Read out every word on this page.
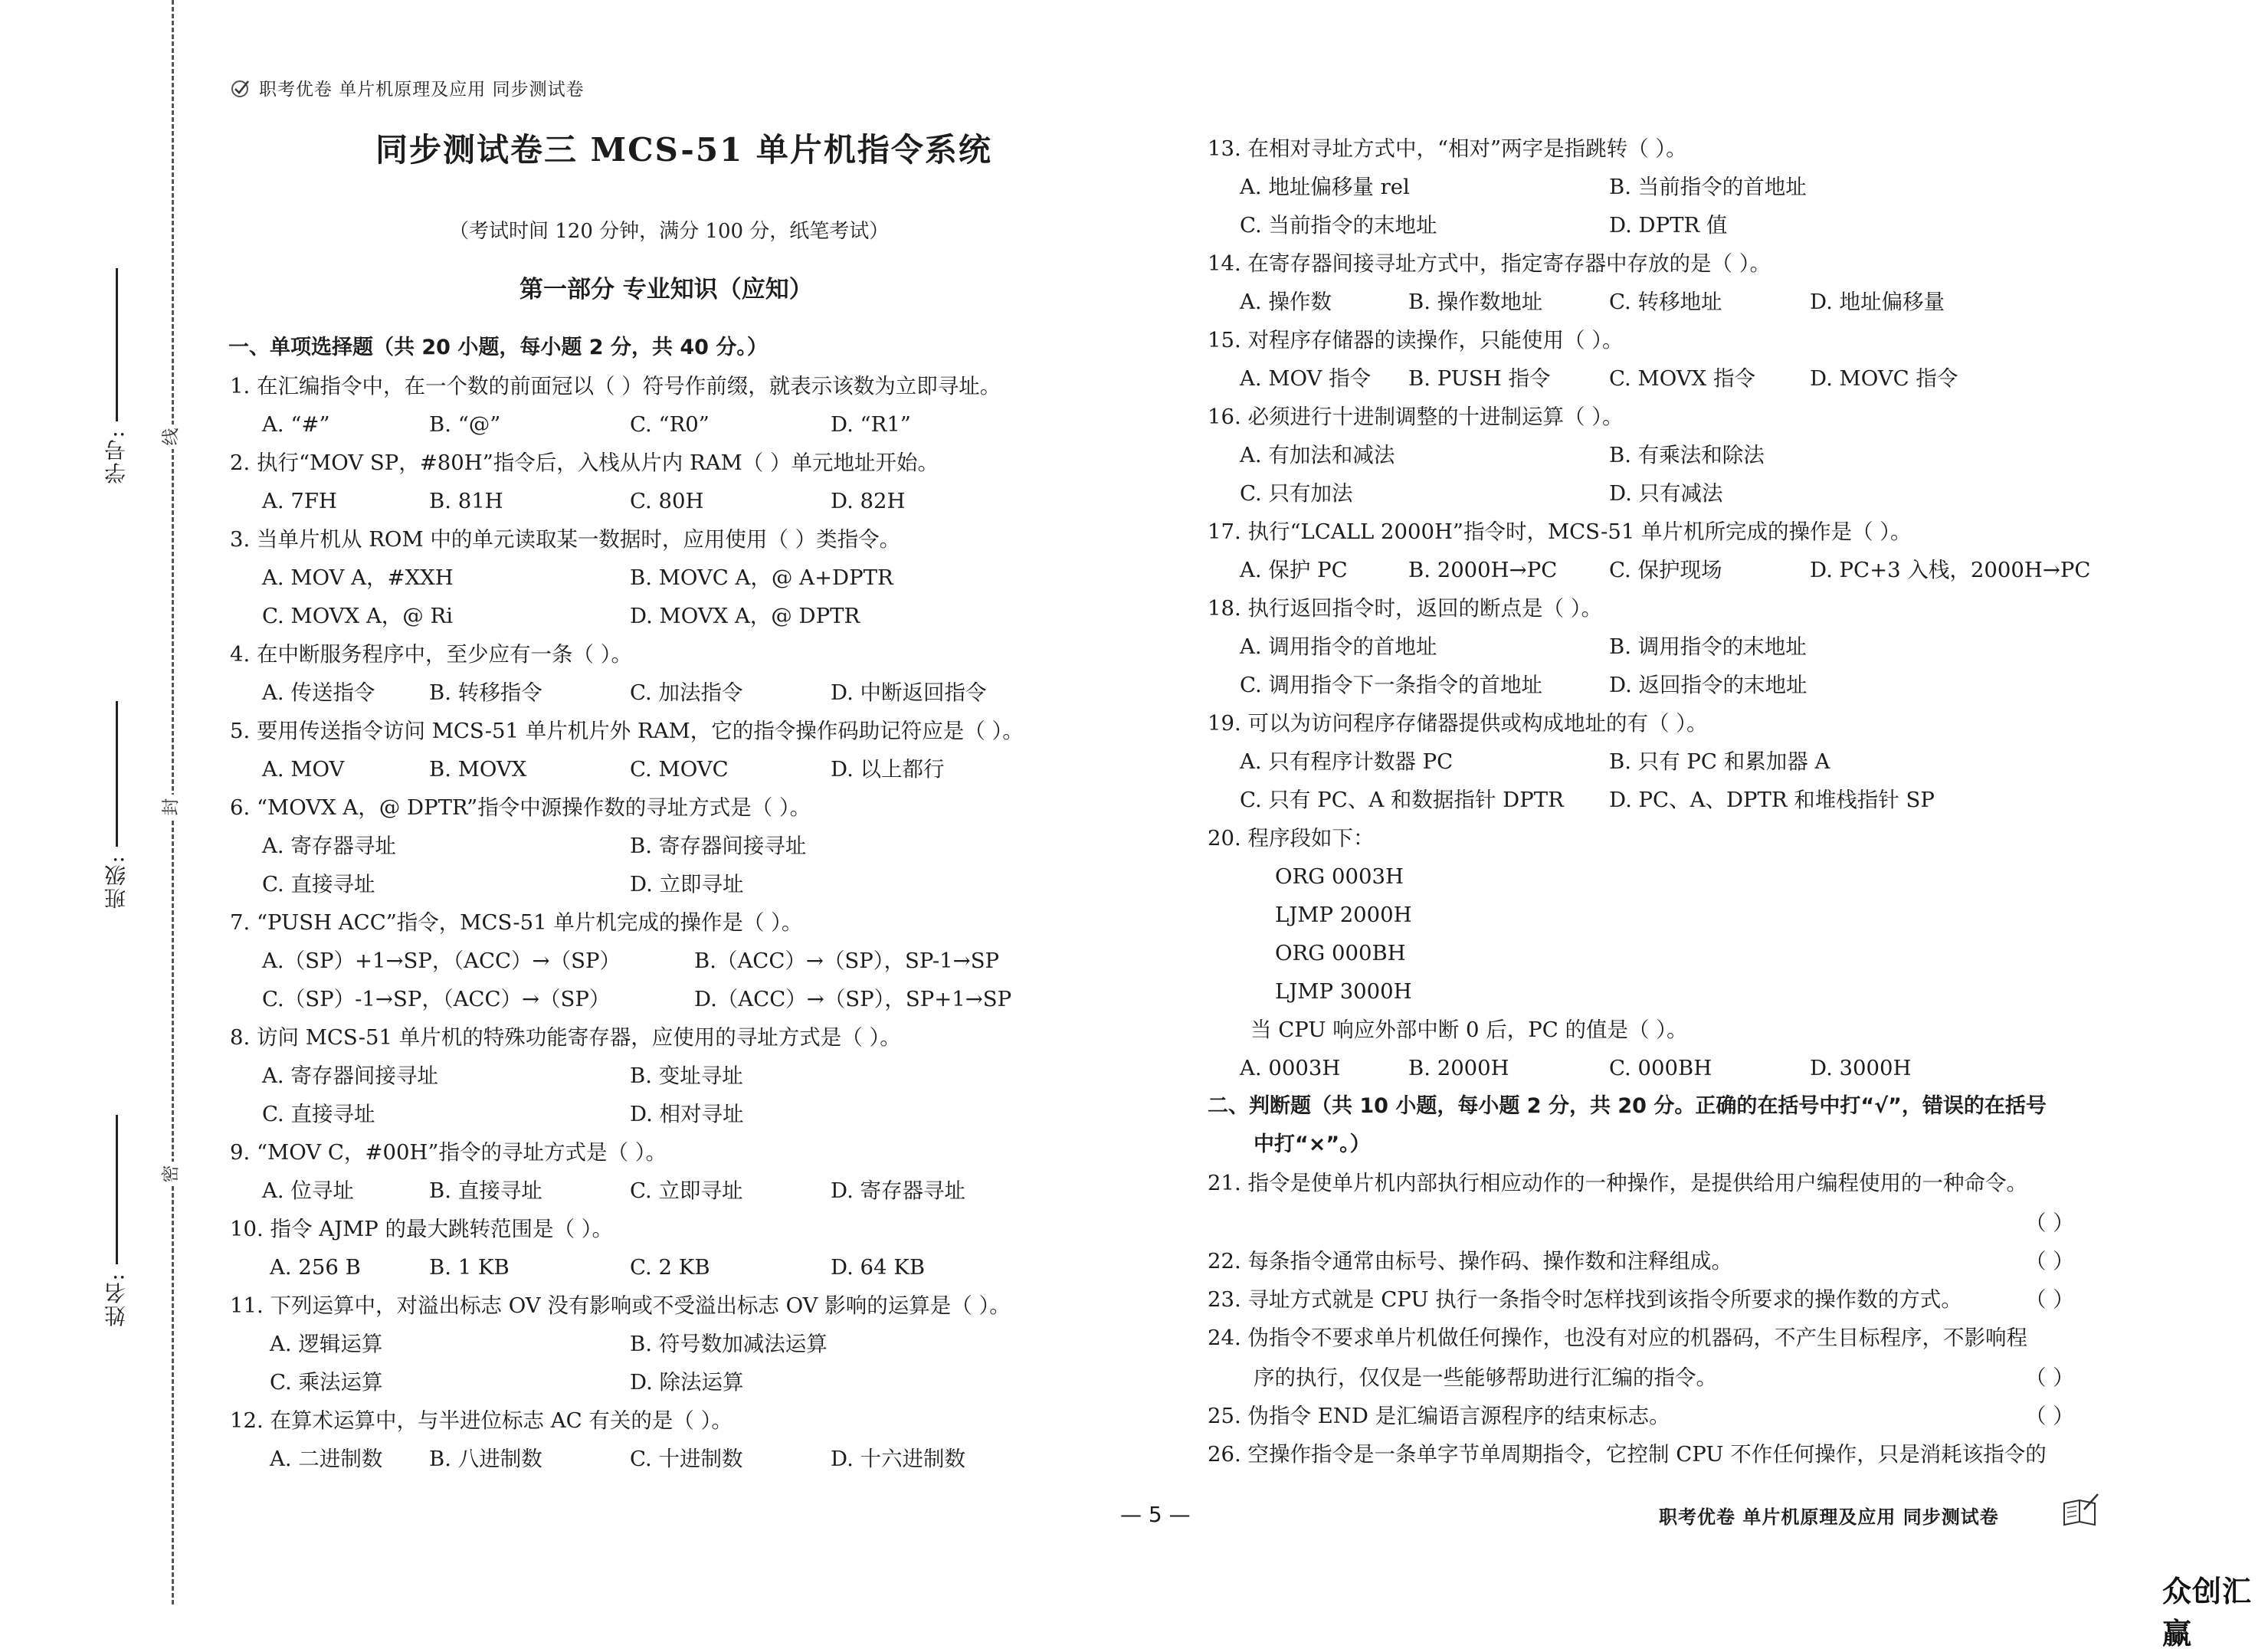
线
封
密
学号:
班级:
姓名:
职考优卷 单片机原理及应用 同步测试卷
同步测试卷三 MCS-51 单片机指令系统
（考试时间 120 分钟，满分 100 分，纸笔考试）
第一部分 专业知识（应知）
一、单项选择题（共 20 小题，每小题 2 分，共 40 分。）
1. 在汇编指令中，在一个数的前面冠以（ ）符号作前缀，就表示该数为立即寻址。
A. “#”	B. “@”	C. “R0”	D. “R1”
2. 执行“MOV SP，#80H”指令后，入栈从片内 RAM（ ）单元地址开始。
A. 7FH	B. 81H	C. 80H	D. 82H
3. 当单片机从 ROM 中的单元读取某一数据时，应用使用（ ）类指令。
A. MOV A，#XXH	B. MOVC A，@ A+DPTR
C. MOVX A，@ Ri	D. MOVX A，@ DPTR
4. 在中断服务程序中，至少应有一条（ ）。
A. 传送指令	B. 转移指令	C. 加法指令	D. 中断返回指令
5. 要用传送指令访问 MCS-51 单片机片外 RAM，它的指令操作码助记符应是（ ）。
A. MOV	B. MOVX	C. MOVC	D. 以上都行
6. “MOVX A，@ DPTR”指令中源操作数的寻址方式是（ ）。
A. 寄存器寻址	B. 寄存器间接寻址
C. 直接寻址	D. 立即寻址
7. “PUSH ACC”指令，MCS-51 单片机完成的操作是（ ）。
A.（SP）+1→SP，（ACC）→（SP）	B.（ACC）→（SP），SP-1→SP
C.（SP）-1→SP，（ACC）→（SP）	D.（ACC）→（SP），SP+1→SP
8. 访问 MCS-51 单片机的特殊功能寄存器，应使用的寻址方式是（ ）。
A. 寄存器间接寻址	B. 变址寻址
C. 直接寻址	D. 相对寻址
9. “MOV C，#00H”指令的寻址方式是（ ）。
A. 位寻址	B. 直接寻址	C. 立即寻址	D. 寄存器寻址
10. 指令 AJMP 的最大跳转范围是（ ）。
A. 256 B	B. 1 KB	C. 2 KB	D. 64 KB
11. 下列运算中，对溢出标志 OV 没有影响或不受溢出标志 OV 影响的运算是（ ）。
A. 逻辑运算	B. 符号数加减法运算
C. 乘法运算	D. 除法运算
12. 在算术运算中，与半进位标志 AC 有关的是（ ）。
A. 二进制数 B. 八进制数	C. 十进制数	D. 十六进制数
13. 在相对寻址方式中，“相对”两字是指跳转（ ）。
A. 地址偏移量 rel	B. 当前指令的首地址
C. 当前指令的末地址	D. DPTR 值
14. 在寄存器间接寻址方式中，指定寄存器中存放的是（ ）。
A. 操作数	B. 操作数地址	C. 转移地址	D. 地址偏移量
15. 对程序存储器的读操作，只能使用（ ）。
A. MOV 指令 B. PUSH 指令	C. MOVX 指令	D. MOVC 指令
16. 必须进行十进制调整的十进制运算（ ）。
A. 有加法和减法	B. 有乘法和除法
C. 只有加法	D. 只有减法
17. 执行“LCALL 2000H”指令时，MCS-51 单片机所完成的操作是（ ）。
A. 保护 PC	B. 2000H→PC C. 保护现场	D. PC+3 入栈，2000H→PC
18. 执行返回指令时，返回的断点是（ ）。
A. 调用指令的首地址	B. 调用指令的末地址
C. 调用指令下一条指令的首地址	D. 返回指令的末地址
19. 可以为访问程序存储器提供或构成地址的有（ ）。
A. 只有程序计数器 PC	B. 只有 PC 和累加器 A
C. 只有 PC、A 和数据指针 DPTR D. PC、A、DPTR 和堆栈指针 SP
20. 程序段如下：
ORG 0003H
LJMP 2000H
ORG 000BH
LJMP 3000H
当 CPU 响应外部中断 0 后，PC 的值是（ ）。
A. 0003H	B. 2000H	C. 000BH	D. 3000H
二、判断题（共 10 小题，每小题 2 分，共 20 分。正确的在括号中打“√”，错误的在括号
中打“×”。）
21. 指令是使单片机内部执行相应动作的一种操作，是提供给用户编程使用的一种命令。
（ ）
22. 每条指令通常由标号、操作码、操作数和注释组成。	（ ）
23. 寻址方式就是 CPU 执行一条指令时怎样找到该指令所要求的操作数的方式。	（ ）
24. 伪指令不要求单片机做任何操作，也没有对应的机器码，不产生目标程序，不影响程
序的执行，仅仅是一些能够帮助进行汇编的指令。	（ ）
25. 伪指令 END 是汇编语言源程序的结束标志。	（ ）
26. 空操作指令是一条单字节单周期指令，它控制 CPU 不作任何操作，只是消耗该指令的
— 5 —	职考优卷 单片机原理及应用 同步测试卷
众创汇赢
